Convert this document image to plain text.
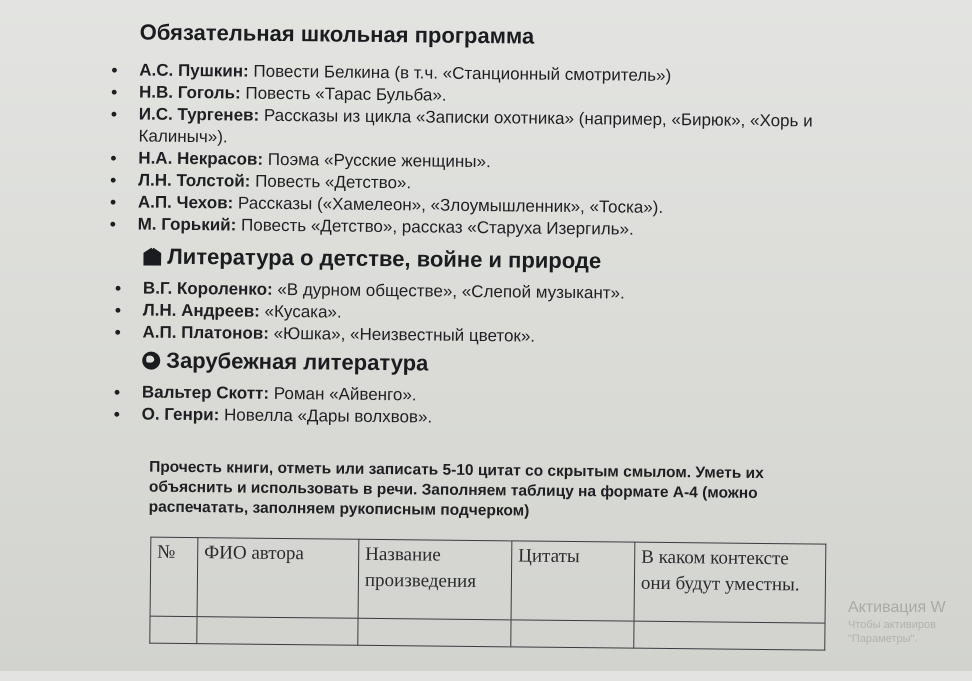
Обязательная школьная программа
• А.С. Пушкин: Повести Белкина (в т.ч. «Станционный смотритель»)
• Н.В. Гоголь: Повесть «Тарас Бульба».
• И.С. Тургенев: Рассказы из цикла «Записки охотника» (например, «Бирюк», «Хорь и Калиныч»).
• Н.А. Некрасов: Поэма «Русские женщины».
• Л.Н. Толстой: Повесть «Детство».
• А.П. Чехов: Рассказы («Хамелеон», «Злоумышленник», «Тоска»).
• М. Горький: Повесть «Детство», рассказ «Старуха Изергиль».
Литература о детстве, войне и природе
• В.Г. Короленко: «В дурном обществе», «Слепой музыкант».
• Л.Н. Андреев: «Кусака».
• А.П. Платонов: «Юшка», «Неизвестный цветок».
Зарубежная литература
• Вальтер Скотт: Роман «Айвенго».
• О. Генри: Новелла «Дары волхвов».

Прочесть книги, отметь или записать 5-10 цитат со скрытым смылом. Уметь их объяснить и использовать в речи. Заполняем таблицу на формате А-4 (можно распечатать, заполняем рукописным подчерком)

№	ФИО автора	Название произведения	Цитаты	В каком контексте они будут уместны.

Активация W
Чтобы активиров
"Параметры".
